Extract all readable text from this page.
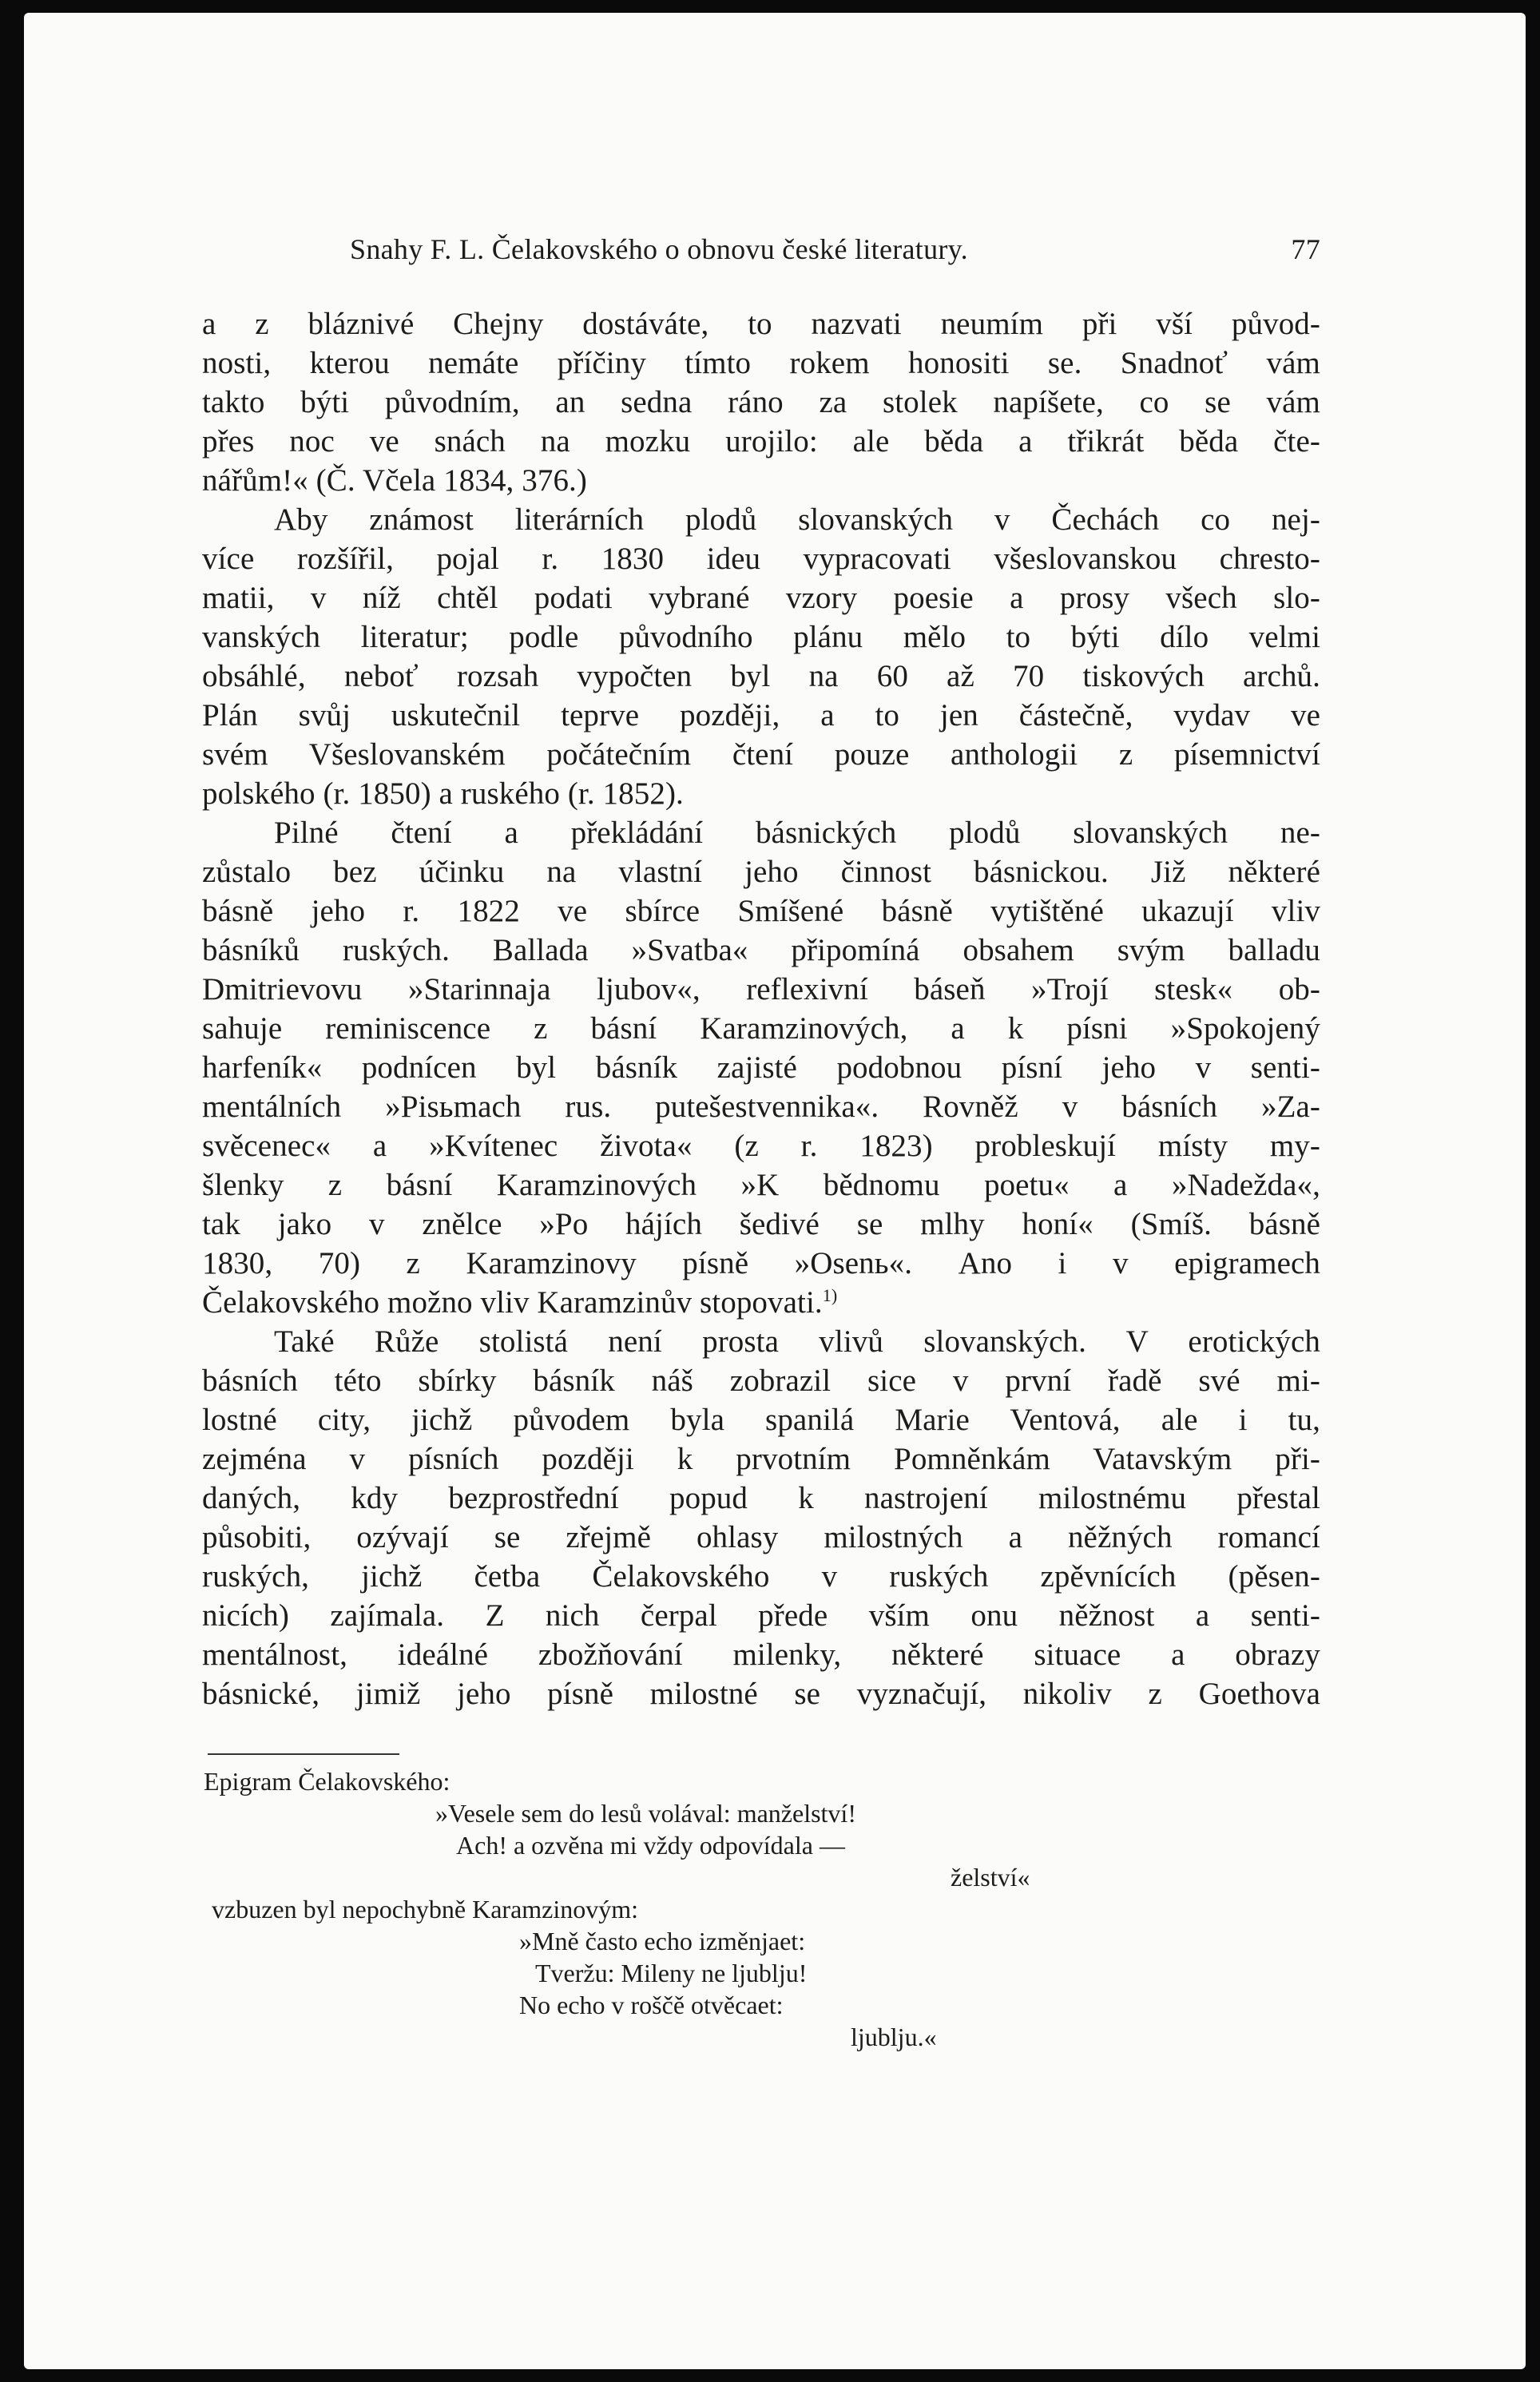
Snahy F. L. Čelakovského o obnovu české literatury.	77
a z bláznivé Chejny dostáváte, to nazvati neumím při vší původ-
nosti, kterou nemáte příčiny tímto rokem honositi se. Snadnoť vám
takto býti původním, an sedna ráno za stolek napíšete, co se vám
přes noc ve snách na mozku urojilo: ale běda a třikrát běda čte-
nářům!« (Č. Včela 1834, 376.)
Aby známost literárních plodů slovanských v Čechách co nej-
více rozšířil, pojal r. 1830 ideu vypracovati všeslovanskou chresto-
matii, v níž chtěl podati vybrané vzory poesie a prosy všech slo-
vanských literatur; podle původního plánu mělo to býti dílo velmi
obsáhlé, neboť rozsah vypočten byl na 60 až 70 tiskových archů.
Plán svůj uskutečnil teprve později, a to jen částečně, vydav ve
svém Všeslovanském počátečním čtení pouze anthologii z písemnictví
polského (r. 1850) a ruského (r. 1852).
Pilné čtení a překládání básnických plodů slovanských ne-
zůstalo bez účinku na vlastní jeho činnost básnickou. Již některé
básně jeho r. 1822 ve sbírce Smíšené básně vytištěné ukazují vliv
básníků ruských. Ballada »Svatba« připomíná obsahem svým balladu
Dmitrievovu »Starinnaja ljubov«, reflexivní báseň »Trojí stesk« ob-
sahuje reminiscence z básní Karamzinových, a k písni »Spokojený
harfeník« podnícen byl básník zajisté podobnou písní jeho v senti-
mentálních »Pisьmach rus. putešestvennika«. Rovněž v básních »Za-
svěcenec« a »Kvítenec života« (z r. 1823) probleskují místy my-
šlenky z básní Karamzinových »K bědnomu poetu« a »Nadežda«,
tak jako v znělce »Po hájích šedivé se mlhy honí« (Smíš. básně
1830, 70) z Karamzinovy písně »Osenь«. Ano i v epigramech
Čelakovského možno vliv Karamzinův stopovati.$^{1)}$
Také Růže stolistá není prosta vlivů slovanských. V erotických
básních této sbírky básník náš zobrazil sice v první řadě své mi-
lostné city, jichž původem byla spanilá Marie Ventová, ale i tu,
zejména v písních později k prvotním Pomněnkám Vatavským při-
daných, kdy bezprostřední popud k nastrojení milostnému přestal
působiti, ozývají se zřejmě ohlasy milostných a něžných romancí
ruských, jichž četba Čelakovského v ruských zpěvnících (pěsen-
nicích) zajímala. Z nich čerpal přede vším onu něžnost a senti-
mentálnost, ideálné zbožňování milenky, některé situace a obrazy
básnické, jimiž jeho písně milostné se vyznačují, nikoliv z Goethova
Epigram Čelakovského:
»Vesele sem do lesů volával: manželství!
Ach! a ozvěna mi vždy odpovídala —
želství«
vzbuzen byl nepochybně Karamzinovým:
»Mně často echo izměnjaet:
Tveržu: Mileny ne ljublju!
No echo v roščě otvěcaet:
ljublju.«
